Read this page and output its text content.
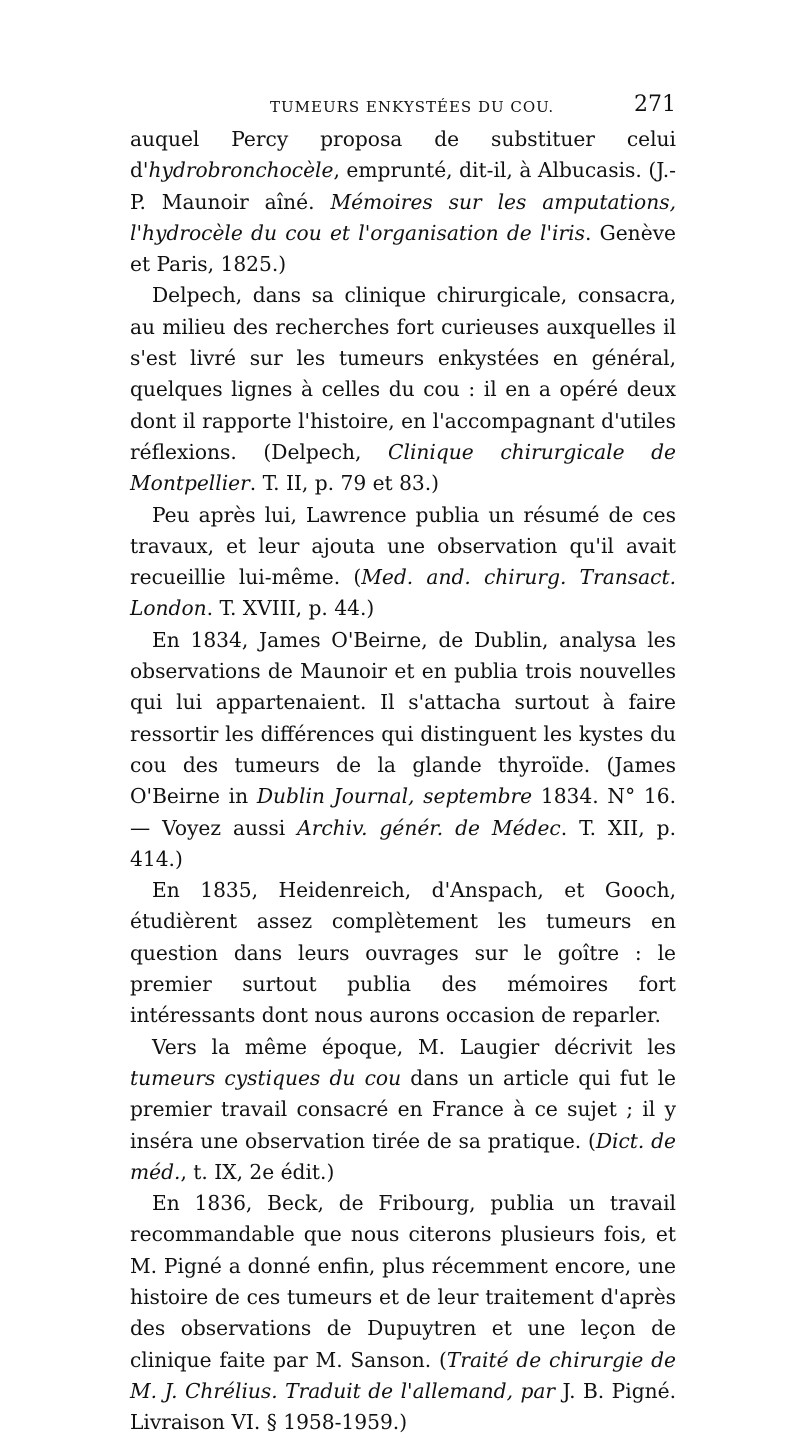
TUMEURS ENKYSTÉES DU COU.	271

auquel Percy proposa de substituer celui d'hydrobronchocèle, emprunté, dit-il, à Albucasis. (J.-P. Maunoir aîné. Mémoires sur les amputations, l'hydrocèle du cou et l'organisation de l'iris. Genève et Paris, 1825.)

Delpech, dans sa clinique chirurgicale, consacra, au milieu des recherches fort curieuses auxquelles il s'est livré sur les tumeurs enkystées en général, quelques lignes à celles du cou : il en a opéré deux dont il rapporte l'histoire, en l'accompagnant d'utiles réflexions. (Delpech, Clinique chirurgicale de Montpellier. T. II, p. 79 et 83.)

Peu après lui, Lawrence publia un résumé de ces travaux, et leur ajouta une observation qu'il avait recueillie lui-même. (Med. and. chirurg. Transact. London. T. XVIII, p. 44.)

En 1834, James O'Beirne, de Dublin, analysa les observations de Maunoir et en publia trois nouvelles qui lui appartenaient. Il s'attacha surtout à faire ressortir les différences qui distinguent les kystes du cou des tumeurs de la glande thyroïde. (James O'Beirne in Dublin Journal, septembre 1834. N° 16. — Voyez aussi Archiv. génér. de Médec. T. XII, p. 414.)

En 1835, Heidenreich, d'Anspach, et Gooch, étudièrent assez complètement les tumeurs en question dans leurs ouvrages sur le goître : le premier surtout publia des mémoires fort intéressants dont nous aurons occasion de reparler.

Vers la même époque, M. Laugier décrivit les tumeurs cystiques du cou dans un article qui fut le premier travail consacré en France à ce sujet ; il y inséra une observation tirée de sa pratique. (Dict. de méd., t. IX, 2e édit.)

En 1836, Beck, de Fribourg, publia un travail recommandable que nous citerons plusieurs fois, et M. Pigné a donné enfin, plus récemment encore, une histoire de ces tumeurs et de leur traitement d'après des observations de Dupuytren et une leçon de clinique faite par M. Sanson. (Traité de chirurgie de M. J. Chrélius. Traduit de l'allemand, par J. B. Pigné. Livraison VI. § 1958-1959.)
